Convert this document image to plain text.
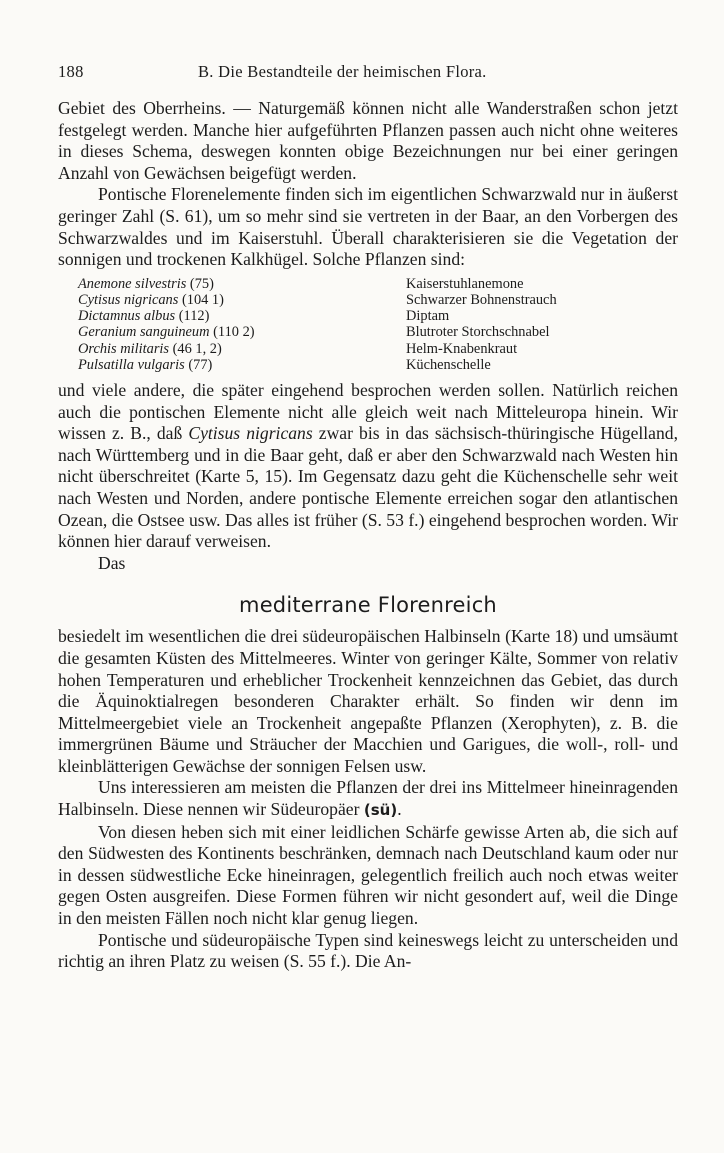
188	B. Die Bestandteile der heimischen Flora.

Gebiet des Oberrheins. — Naturgemäß können nicht alle Wanderstraßen schon jetzt festgelegt werden. Manche hier aufgeführten Pflanzen passen auch nicht ohne weiteres in dieses Schema, deswegen konnten obige Bezeichnungen nur bei einer geringen Anzahl von Gewächsen beigefügt werden.

Pontische Florenelemente finden sich im eigentlichen Schwarzwald nur in äußerst geringer Zahl (S. 61), um so mehr sind sie vertreten in der Baar, an den Vorbergen des Schwarzwaldes und im Kaiserstuhl. Überall charakterisieren sie die Vegetation der sonnigen und trockenen Kalkhügel. Solche Pflanzen sind:

Anemone silvestris (75)	Kaiserstuhlanemone
Cytisus nigricans (104 1)	Schwarzer Bohnenstrauch
Dictamnus albus (112)	Diptam
Geranium sanguineum (110 2)	Blutroter Storchschnabel
Orchis militaris (46 1, 2)	Helm-Knabenkraut
Pulsatilla vulgaris (77)	Küchenschelle

und viele andere, die später eingehend besprochen werden sollen. Natürlich reichen auch die pontischen Elemente nicht alle gleich weit nach Mitteleuropa hinein. Wir wissen z. B., daß Cytisus nigricans zwar bis in das sächsisch-thüringische Hügelland, nach Württemberg und in die Baar geht, daß er aber den Schwarzwald nach Westen hin nicht überschreitet (Karte 5, 15). Im Gegensatz dazu geht die Küchenschelle sehr weit nach Westen und Norden, andere pontische Elemente erreichen sogar den atlantischen Ozean, die Ostsee usw. Das alles ist früher (S. 53 f.) eingehend besprochen worden. Wir können hier darauf verweisen.

Das
mediterrane Florenreich

besiedelt im wesentlichen die drei südeuropäischen Halbinseln (Karte 18) und umsäumt die gesamten Küsten des Mittelmeeres. Winter von geringer Kälte, Sommer von relativ hohen Temperaturen und erheblicher Trockenheit kennzeichnen das Gebiet, das durch die Äquinoktialregen besonderen Charakter erhält. So finden wir denn im Mittelmeergebiet viele an Trockenheit angepaßte Pflanzen (Xerophyten), z. B. die immergrünen Bäume und Sträucher der Macchien und Garigues, die woll-, roll- und kleinblätterigen Gewächse der sonnigen Felsen usw.

Uns interessieren am meisten die Pflanzen der drei ins Mittelmeer hineinragenden Halbinseln. Diese nennen wir Südeuropäer (sü).

Von diesen heben sich mit einer leidlichen Schärfe gewisse Arten ab, die sich auf den Südwesten des Kontinents beschränken, demnach nach Deutschland kaum oder nur in dessen südwestliche Ecke hineinragen, gelegentlich freilich auch noch etwas weiter gegen Osten ausgreifen. Diese Formen führen wir nicht gesondert auf, weil die Dinge in den meisten Fällen noch nicht klar genug liegen.

Pontische und südeuropäische Typen sind keineswegs leicht zu unterscheiden und richtig an ihren Platz zu weisen (S. 55 f.). Die An-
